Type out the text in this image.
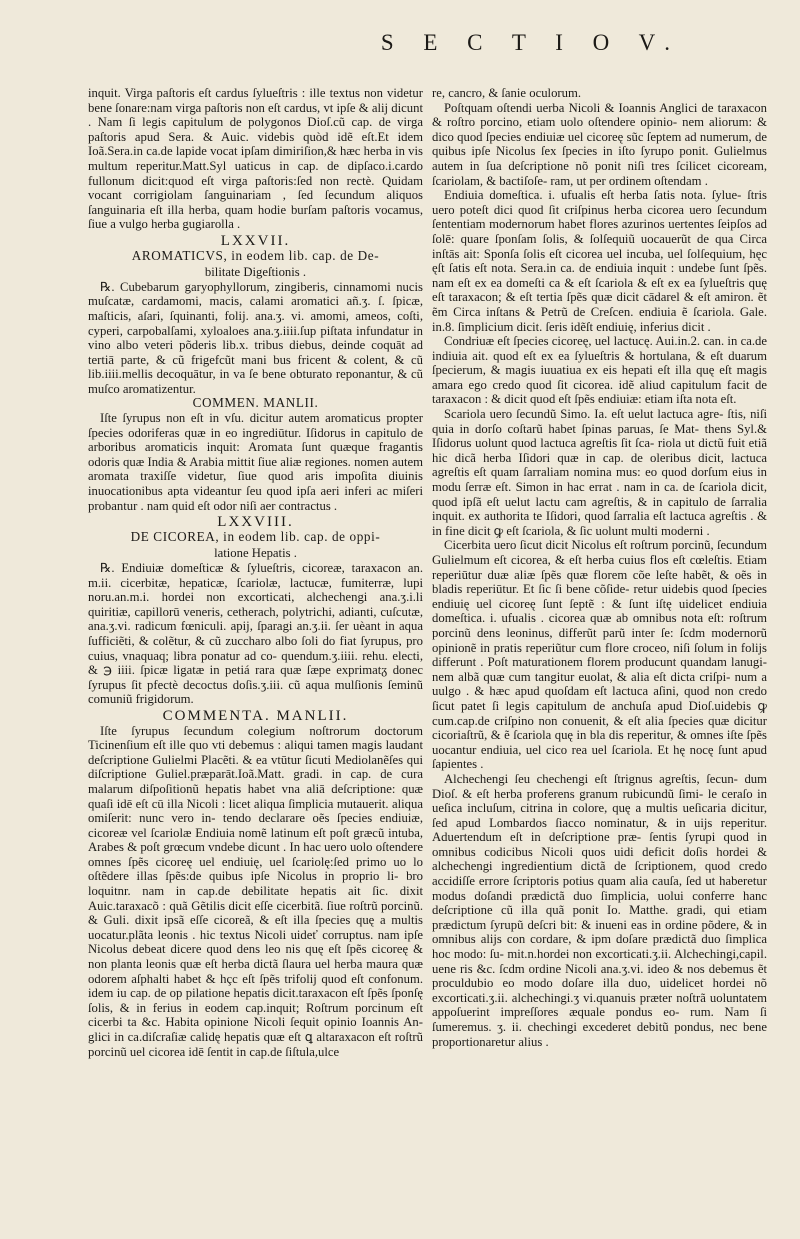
S E C T I O V.
inquit. Virga paſtoris eſt cardus ſylueſtris : ille textus non videtur bene ſonare:nam virga paſtoris non eſt cardus, vt ipſe & alij dicunt . Nam ſi legis capitulum de polygonos Dioſ.cũ cap. de virga paſtoris apud Sera. & Auic. videbis quòd idẽ eſt.Et idem Ioã.Sera.in ca.de lapide vocat ipſam dimiriſion,& hæc herba in vis multum reperitur.Matt.Syl uaticus in cap. de dipſaco.i.cardo fullonum dicit:quod eſt virga paſtoris:ſed non rectè. Quidam vocant corrigiolam ſanguinariam , ſed ſecundum aliquos ſanguinaria eſt illa herba, quam hodie burſam paſtoris vocamus, ſiue a vulgo herba gugiarolla .
LXXVII.
AROMATICVS, in eodem lib. cap. de De-
bilitate Digeſtionis .
℞. Cubebarum garyophyllorum, zingiberis, cinnamomi nucis muſcatæ, cardamomi, macis, calami aromatici añ.ʒ. ſ. ſpicæ, maſticis, aſari, ſquinanti, folij. ana.ʒ. vi. amomi, ameos, coſti, cyperi, carpobalſami, xyloaloes ana.ʒ.iiii.ſup piſtata infundatur in vino albo veteri põderis lib.x. tribus diebus, deinde coquāt ad tertiā parte, & cũ frigefcũt mani bus fricent & colent, & cũ lib.iiii.mellis decoquātur, in va ſe bene obturato reponantur, & cũ muſco aromatizentur.
COMMEN. MANLII.
Iſte ſyrupus non eſt in vſu. dicitur autem aromaticus propter ſpecies odoriferas quæ in eo ingrediūtur. Iſidorus in capitulo de arboribus aromaticis inquit: Aromata ſunt quæque fragantis odoris quæ India & Arabia mittit ſiue aliæ regiones. nomen autem aromata traxiſſe videtur, ſiue quod aris impoſita diuinis inuocationibus apta videantur ſeu quod ipſa aeri inferi ac miſeri probantur . nam quid eſt odor niſi aer contractus .
LXXVIII.
DE CICOREA, in eodem lib. cap. de oppi-
latione Hepatis .
℞. Endiuiæ domeſticæ & ſylueſtris, cicoreæ, taraxacon an. m.ii. cicerbitæ, hepaticæ, ſcariolæ, lactucæ, fumiterræ, lupi noru.an.m.i. hordei non excorticati, alchechengi ana.ʒ.i.li quiritiæ, capillorū veneris, cetherach, polytrichi, adianti, cuſcutæ, ana.ʒ.vi. radicum fœniculi. apij, ſparagi an.ʒ.ii. ſer uèant in aqua ſufficiẽti, & colẽtur, & cũ zuccharo albo ſoli do fiat ſyrupus, pro cuius, vnaquaq; libra ponatur ad co- quendum.ʒ.iiii. rehu. electi, & ℈ iiii. ſpicæ ligatæ in petiá rara quæ ſæpe exprimatᵹ donec ſyrupus ſit pfectè decoctus doſis.ʒ.iii. cũ aqua mulſionis ſeminũ comuniũ frigidorum.
COMMENTA. MANLII.
Iſte ſyrupus ſecundum colegium noſtrorum doctorum Ticinenſium eſt ille quo vti debemus : aliqui tamen magis laudant deſcriptione Gulielmi Placẽti. & ea vtūtur ſicuti Mediolanẽſes qui diſcriptione Guliel.præparāt.Ioã.Matt. gradi. in cap. de cura malarum diſpoſitionũ hepatis habet vna aliā deſcriptione: quæ quaſi idē eſt cū illa Nicoli : licet aliqua ſimplicia mutauerit. aliqua omiſerit: nunc vero in- tendo declarare oẽs ſpecies endiuiæ, cicoreæ vel ſcariolæ Endiuia nomẽ latinum eſt poſt græcũ intuba, Arabes & poſt grœcum vndebe dicunt . In hac uero uolo oſtendere omnes ſpẽs cicoreę uel endiuię, uel ſcariolę:ſed primo uo lo oſtẽdere illas ſpẽs:de quibus ipſe Nicolus in proprio li- bro loquitnr. nam in cap.de debilitate hepatis ait ſic. dixit Auic.taraxacõ : quã Gẽtilis dicit eſſe cicerbitã. ſiue roſtrũ porcinũ. & Guli. dixit ipsã eſſe cicoreã, & eſt illa ſpecies quę a multis uocatur.plãta leonis . hic textus Nicoli uideť corruptus. nam ipſe Nicolus debeat dicere quod dens leo nis quę eſt ſpẽs cicoreę & non planta leonis quæ eſt herba dictã ſlaura uel herba maura quæ odorem aſphalti habet & hçc eſt ſpẽs trifolij quod eſt confonum. idem iu cap. de op pilatione hepatis dicit.taraxacon eſt ſpẽs ſponſę ſolis, & in ferius in eodem cap.inquit; Roſtrum porcinum eſt cicerbi ta &c. Habita opinione Nicoli ſequit opinio Ioannis An- glici in ca.diſcraſiæ calidę hepatis quæ eſt ꝗ altaraxacon eſt roſtrũ porcinũ uel cicorea idē ſentit in cap.de ſiſtula,ulce
re, cancro, & ſanie oculorum.
Poſtquam oſtendi uerba Nicoli & Ioannis Anglici de taraxacon & roſtro porcino, etiam uolo oſtendere opinio- nem aliorum: & dico quod ſpecies endiuiæ uel cicoreę sũc ſeptem ad numerum, de quibus ipſe Nicolus ſex ſpecies in iſto ſyrupo ponit. Gulielmus autem in ſua deſcriptione nõ ponit niſi tres ſcilicet cicoream, ſcariolam, & bactiſoſe- ram, ut per ordinem oſtendam .
Endiuia domeſtica. i. ufualis eſt herba ſatis nota. ſylue- ſtris uero poteſt dici quod ſit criſpinus herba cicorea uero ſecundum ſententiam modernorum habet flores azurinos uertentes ſeipſos ad ſolē: quare ſponſam ſolis, & ſolſequiũ uocauerũt de qua Circa inſtās ait: Sponſa ſolis eſt cicorea uel incuba, uel ſolſequium, hęc ęſt ſatis eſt nota. Sera.in ca. de endiuia inquit : undebe ſunt ſpẽs. nam eſt ex ea domeſti ca & eſt ſcariola & eſt ex ea ſylueſtris quę eſt taraxacon; & eſt tertia ſpẽs quæ dicit cādarel & eſt amiron. ẽt ẽm Circa inſtans & Petrũ de Creſcen. endiuia ẽ ſcariola. Gale. in.8. ſimplicium dicit. ſeris idẽſt endiuię, inferius dicit .
Condriuæ eſt ſpecies cicoreę, uel lactucę. Aui.in.2. can. in ca.de indiuia ait. quod eſt ex ea ſylueſtris & hortulana, & eſt duarum ſpecierum, & magis iuuatiua ex eis hepati eſt illa quę eſt magis amara ego credo quod ſit cicorea. idẽ aliud capitulum facit de taraxacon : & dicit quod eſt ſpẽs endiuiæ: etiam iſta nota eſt.
Scariola uero ſecundũ Simo. Ia. eſt uelut lactuca agre- ſtis, niſi quia in dorſo coſtarũ habet ſpinas paruas, ſe Mat- thens Syl.& Iſidorus uolunt quod lactuca agreſtis ſit ſca- riola ut dictũ fuit etiã hic dicã herba Iſidori quæ in cap. de oleribus dicit, lactuca agreſtis eſt quam ſarraliam nomina mus: eo quod dorſum eius in modu ſerræ eſt. Simon in hac errat . nam in ca. de ſcariola dicit, quod ipſã eſt uelut lactu cam agreſtis, & in capitulo de ſarralia inquit. ex authorita te Iſidori, quod ſarralia eſt lactuca agreſtis . & in fine dicit ꝙ eſt ſcariola, & ſic uolunt multi moderni .
Cicerbita uero ſicut dicit Nicolus eſt roſtrum porcinũ, ſecundum Gulielmum eſt cicorea, & eſt herba cuius flos eſt cœleſtis. Etiam reperiūtur duæ aliæ ſpẽs quæ florem cõe leſte habẽt, & oẽs in bladis reperiūtur. Et ſic ſi bene cõſide- retur uidebis quod ſpecies endiuię uel cicoreę ſunt ſeptẽ : & ſunt iſtę uidelicet endiuia domeſtica. i. ufualis . cicorea quæ ab omnibus nota eſt: roſtrum porcinũ dens leoninus, differũt parũ inter ſe: ſcdm modernorũ opinionẽ in pratis reperiũtur cum flore croceo, niſi ſolum in folijs differunt . Poſt maturationem florem producunt quandam lanugi- nem albã quæ cum tangitur euolat, & alia eſt dicta criſpi- num a uulgo . & hæc apud quoſdam eſt lactuca aſini, quod non credo ſicut patet ſi legis capitulum de anchuſa apud Dioſ.uidebis ꝙ cum.cap.de criſpino non conuenit, & eſt alia ſpecies quæ dicitur cicoriaſtrũ, & ẽ ſcariola quę in bla dis reperitur, & omnes iſte ſpẽs uocantur endiuia, uel cico rea uel ſcariola. Et hę nocę ſunt apud ſapientes .
Alchechengi ſeu chechengi eſt ſtrignus agreſtis, ſecun- dum Dioſ. & eſt herba proferens granum rubicundũ ſimi- le ceraſo in ueſica incluſum, citrina in colore, quę a multis ueſicaria dicitur, ſed apud Lombardos ſiacco nominatur, & in uijs reperitur. Aduertendum eſt in deſcriptione præ- ſentis ſyrupi quod in omnibus codicibus Nicoli quos uidi deficit doſis hordei & alchechengi ingredientium dictã de ſcriptionem, quod credo accidiſſe errore ſcriptoris potius quam alia cauſa, ſed ut haberetur modus doſandi prædictã duo ſimplicia, uolui conferre hanc deſcriptione cũ illa quã ponit Io. Matthe. gradi, qui etiam prædictum ſyrupũ deſcri bit: & inueni eas in ordine põdere, & in omnibus alijs con cordare, & ipm doſare prædictã duo ſimplica hoc modo: ſu- mit.n.hordei non excorticati.ʒ.ii. Alchechingi,capil. uene ris &c. ſcdm ordine Nicoli ana.ʒ.vi. ideo & nos debemus ẽt proculdubio eo modo doſare illa duo, uidelicet hordei nõ excorticati.ʒ.ii. alchechingi.ʒ vi.quanuis præter noſtrã uoluntatem appoſuerint impreſſores æquale pondus eo- rum. Nam ſi ſumeremus. ʒ. ii. chechingi excederet debitũ pondus, nec bene proportionaretur alius .
